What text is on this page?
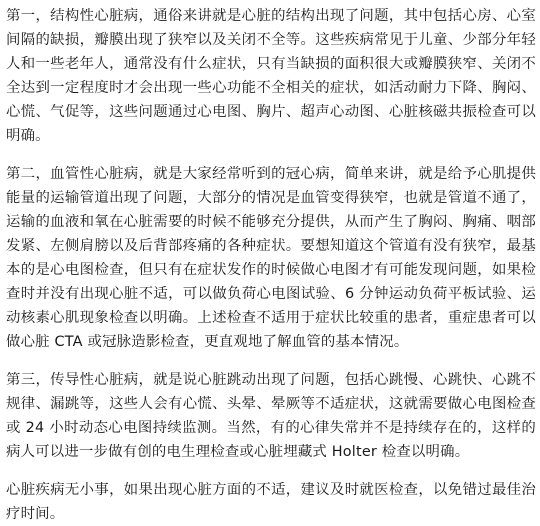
第一，结构性心脏病，通俗来讲就是心脏的结构出现了问题，其中包括心房、心室间隔的缺损，瓣膜出现了狭窄以及关闭不全等。这些疾病常见于儿童、少部分年轻人和一些老年人，通常没有什么症状，只有当缺损的面积很大或瓣膜狭窄、关闭不全达到一定程度时才会出现一些心功能不全相关的症状，如活动耐力下降、胸闷、心慌、气促等，这些问题通过心电图、胸片、超声心动图、心脏核磁共振检查可以明确。

第二，血管性心脏病，就是大家经常听到的冠心病，简单来讲，就是给予心肌提供能量的运输管道出现了问题，大部分的情况是血管变得狭窄，也就是管道不通了，运输的血液和氧在心脏需要的时候不能够充分提供，从而产生了胸闷、胸痛、咽部发紧、左侧肩膀以及后背部疼痛的各种症状。要想知道这个管道有没有狭窄，最基本的是心电图检查，但只有在症状发作的时候做心电图才有可能发现问题，如果检查时并没有出现心脏不适，可以做负荷心电图试验、6 分钟运动负荷平板试验、运动核素心肌现象检查以明确。上述检查不适用于症状比较重的患者，重症患者可以做心脏 CTA 或冠脉造影检查，更直观地了解血管的基本情况。

第三，传导性心脏病，就是说心脏跳动出现了问题，包括心跳慢、心跳快、心跳不规律、漏跳等，这些人会有心慌、头晕、晕厥等不适症状，这就需要做心电图检查或 24 小时动态心电图持续监测。当然，有的心律失常并不是持续存在的，这样的病人可以进一步做有创的电生理检查或心脏埋藏式 Holter 检查以明确。

心脏疾病无小事，如果出现心脏方面的不适，建议及时就医检查，以免错过最佳治疗时间。
